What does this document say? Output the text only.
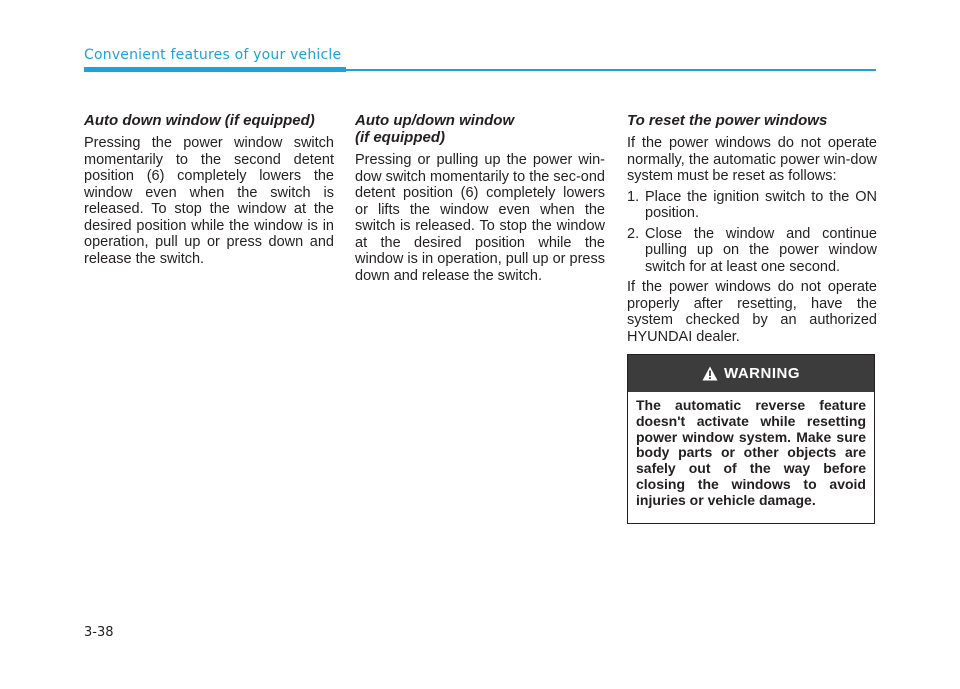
Convenient features of your vehicle
Auto down window (if equipped)

Pressing the power window switch momentarily to the second detent position (6) completely lowers the window even when the switch is released. To stop the window at the desired position while the window is in operation, pull up or press down and release the switch.

Auto up/down window
(if equipped)

Pressing or pulling up the power win-dow switch momentarily to the sec-ond detent position (6) completely lowers or lifts the window even when the switch is released. To stop the window at the desired position while the window is in operation, pull up or press down and release the switch.

To reset the power windows

If the power windows do not operate normally, the automatic power win-dow system must be reset as follows:

1. Place the ignition switch to the ON position.
2. Close the window and continue pulling up on the power window switch for at least one second.

If the power windows do not operate properly after resetting, have the system checked by an authorized HYUNDAI dealer.

WARNING
The automatic reverse feature doesn't activate while resetting power window system. Make sure body parts or other objects are safely out of the way before closing the windows to avoid injuries or vehicle damage.
3-38
